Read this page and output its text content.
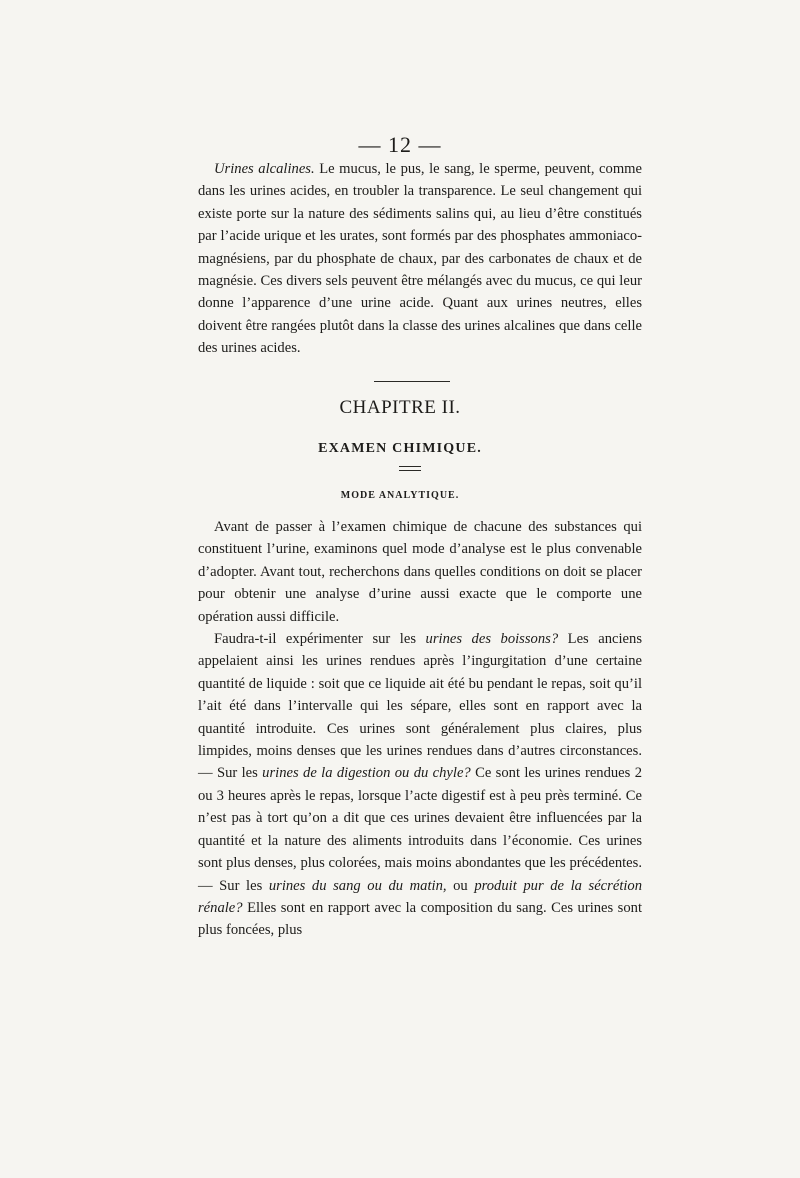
— 12 —

Urines alcalines. Le mucus, le pus, le sang, le sperme, peuvent, comme dans les urines acides, en troubler la transparence. Le seul changement qui existe porte sur la nature des sédiments salins qui, au lieu d’être constitués par l’acide urique et les urates, sont formés par des phosphates ammoniaco-magnésiens, par du phosphate de chaux, par des carbonates de chaux et de magnésie. Ces divers sels peuvent être mélangés avec du mucus, ce qui leur donne l’apparence d’une urine acide. Quant aux urines neutres, elles doivent être rangées plutôt dans la classe des urines alcalines que dans celle des urines acides.

CHAPITRE II.
EXAMEN CHIMIQUE.
MODE ANALYTIQUE.

Avant de passer à l’examen chimique de chacune des substances qui constituent l’urine, examinons quel mode d’analyse est le plus convenable d’adopter. Avant tout, recherchons dans quelles conditions on doit se placer pour obtenir une analyse d’urine aussi exacte que le comporte une opération aussi difficile.

Faudra-t-il expérimenter sur les urines des boissons? Les anciens appelaient ainsi les urines rendues après l’ingurgitation d’une certaine quantité de liquide : soit que ce liquide ait été bu pendant le repas, soit qu’il l’ait été dans l’intervalle qui les sépare, elles sont en rapport avec la quantité introduite. Ces urines sont généralement plus claires, plus limpides, moins denses que les urines rendues dans d’autres circonstances. — Sur les urines de la digestion ou du chyle? Ce sont les urines rendues 2 ou 3 heures après le repas, lorsque l’acte digestif est à peu près terminé. Ce n’est pas à tort qu’on a dit que ces urines devaient être influencées par la quantité et la nature des aliments introduits dans l’économie. Ces urines sont plus denses, plus colorées, mais moins abondantes que les précédentes. — Sur les urines du sang ou du matin, ou produit pur de la sécrétion rénale? Elles sont en rapport avec la composition du sang. Ces urines sont plus foncées, plus
